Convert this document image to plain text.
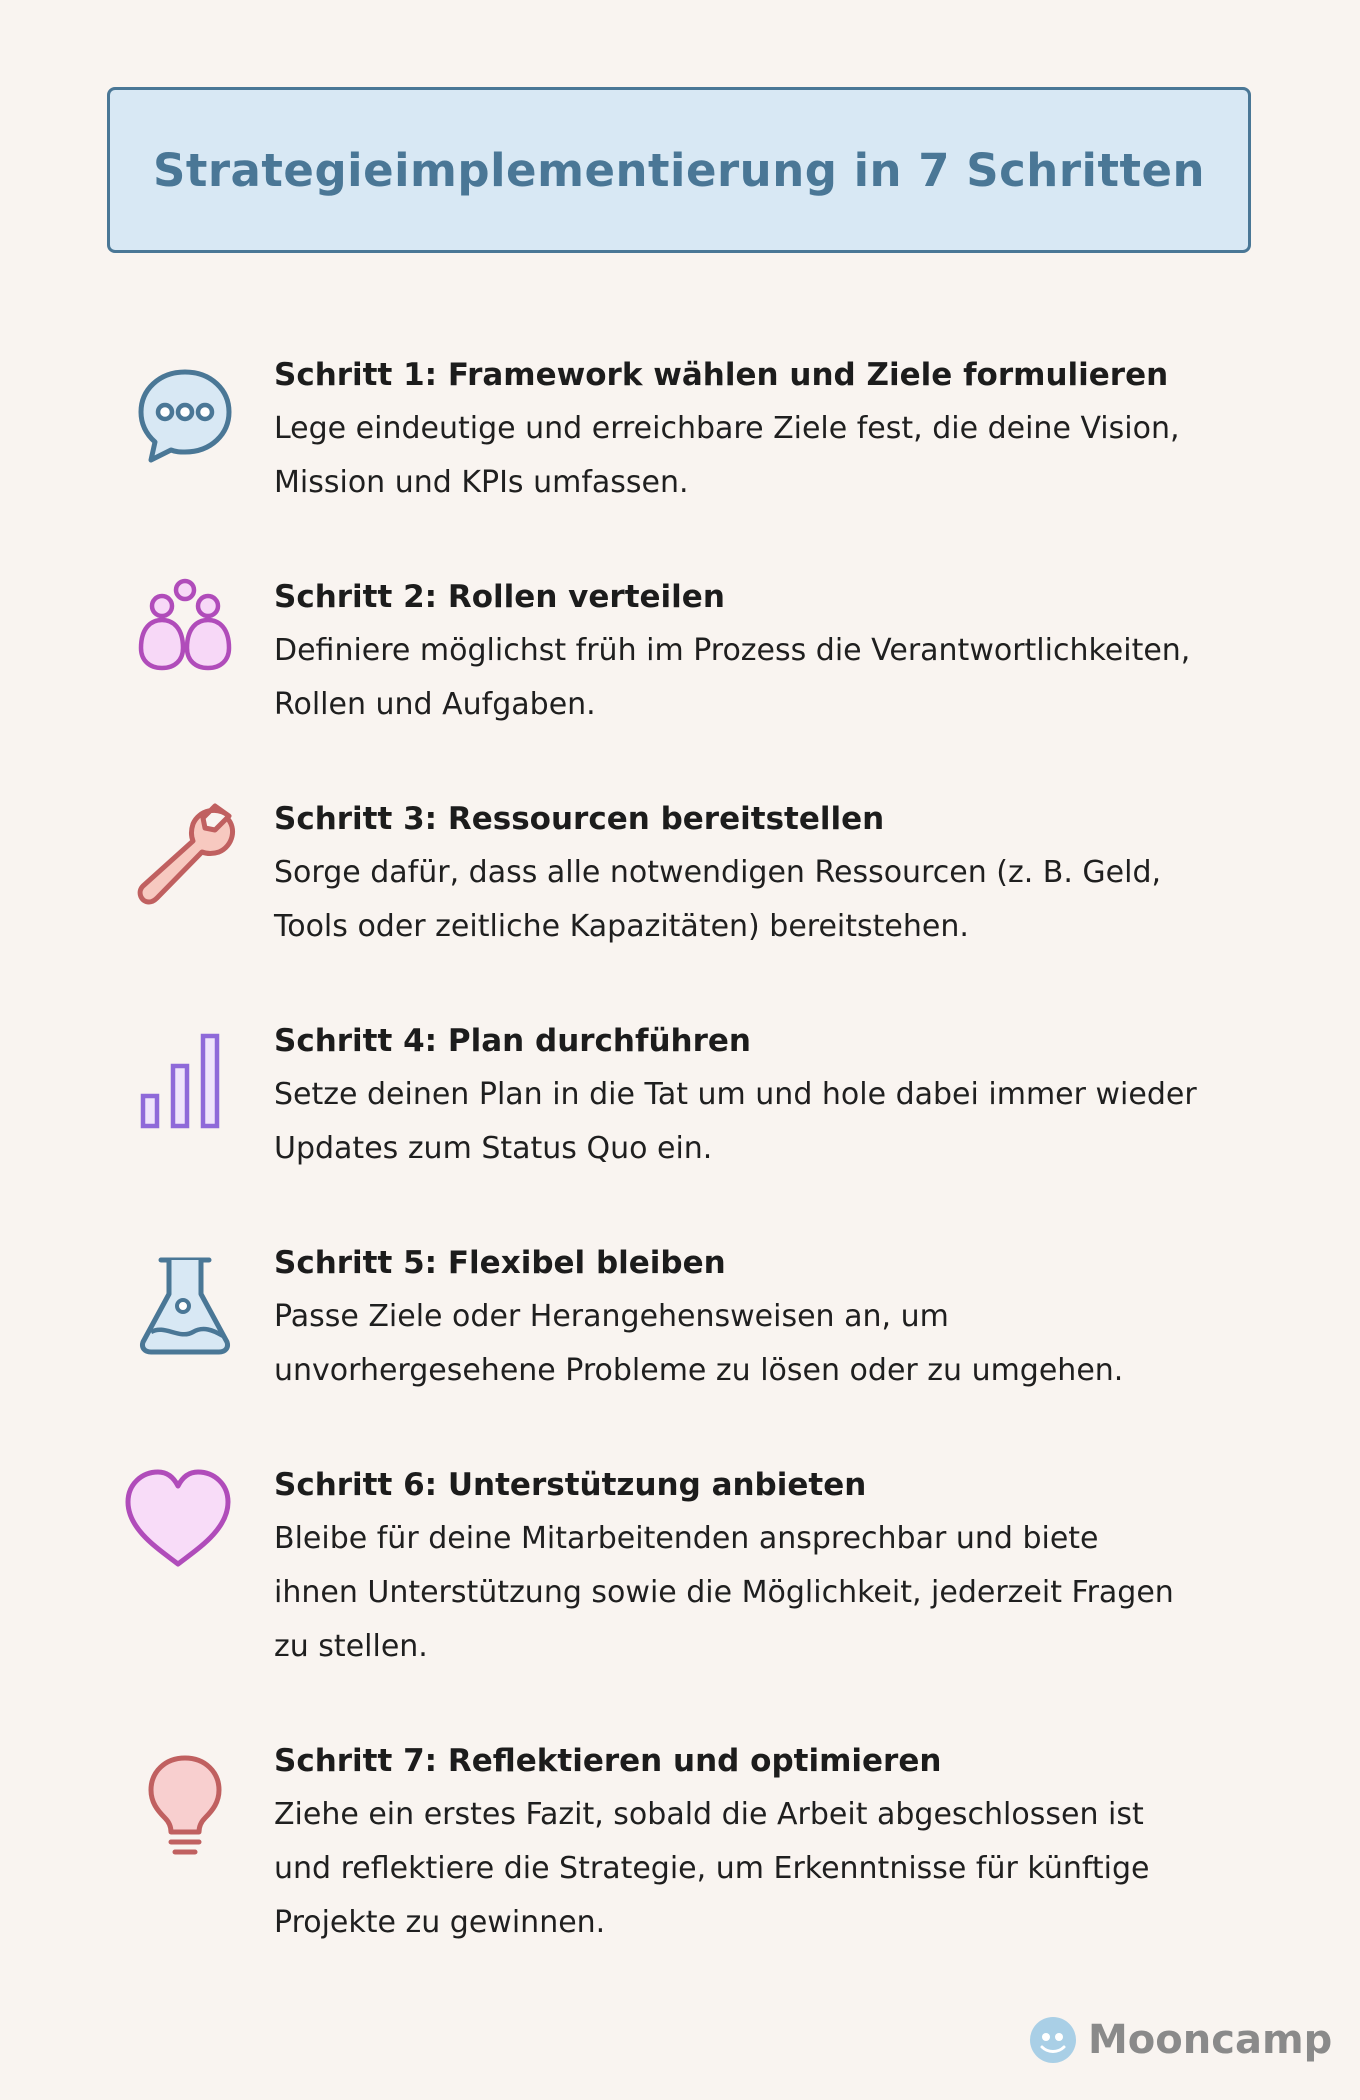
Strategieimplementierung in 7 Schritten
Schritt 1: Framework wählen und Ziele formulieren

Lege eindeutige und erreichbare Ziele fest, die deine Vision,

Mission und KPIs umfassen.

Schritt 2: Rollen verteilen

Definiere möglichst früh im Prozess die Verantwortlichkeiten,

Rollen und Aufgaben.

Schritt 3: Ressourcen bereitstellen

Sorge dafür, dass alle notwendigen Ressourcen (z. B. Geld,

Tools oder zeitliche Kapazitäten) bereitstehen.

Schritt 4: Plan durchführen

Setze deinen Plan in die Tat um und hole dabei immer wieder

Updates zum Status Quo ein.

Schritt 5: Flexibel bleiben

Passe Ziele oder Herangehensweisen an, um

unvorhergesehene Probleme zu lösen oder zu umgehen.

Schritt 6: Unterstützung anbieten

Bleibe für deine Mitarbeitenden ansprechbar und biete

ihnen Unterstützung sowie die Möglichkeit, jederzeit Fragen

zu stellen.

Schritt 7: Reflektieren und optimieren

Ziehe ein erstes Fazit, sobald die Arbeit abgeschlossen ist

und reflektiere die Strategie, um Erkenntnisse für künftige

Projekte zu gewinnen.

Mooncamp
